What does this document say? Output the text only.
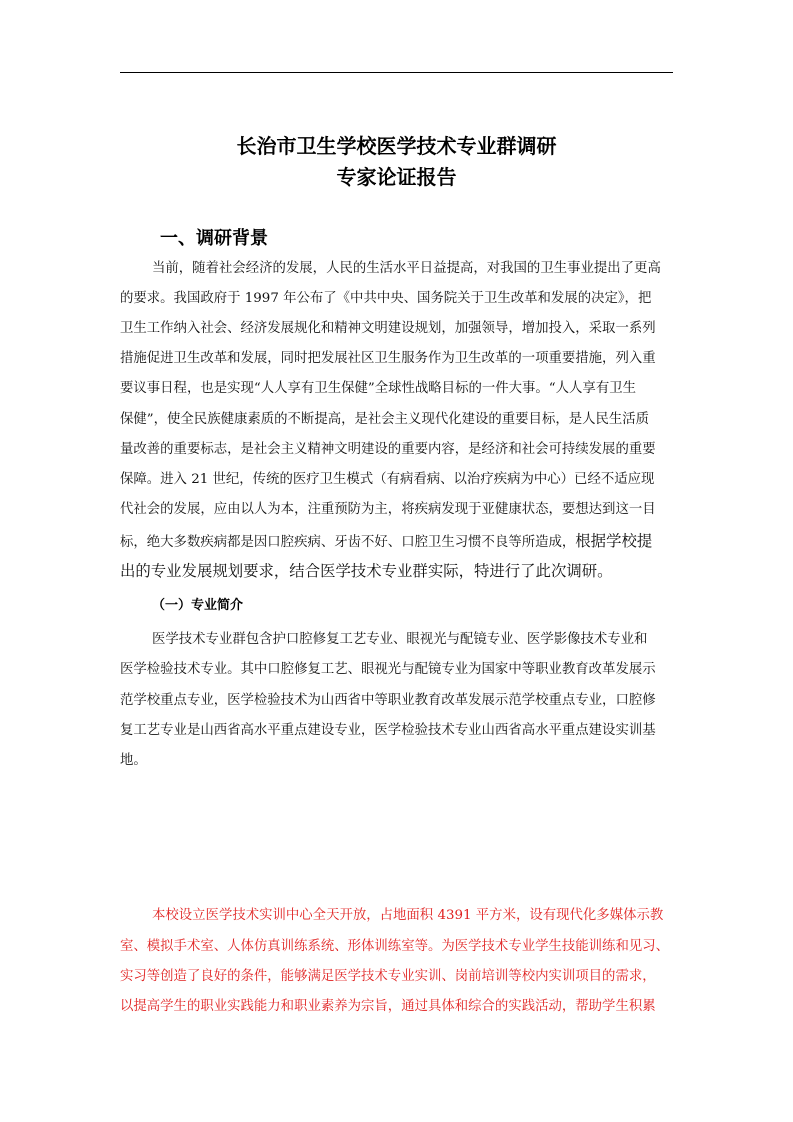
长治市卫生学校医学技术专业群调研
专家论证报告
一、调研背景
当前，随着社会经济的发展，人民的生活水平日益提高，对我国的卫生事业提出了更高
的要求。我国政府于 1997 年公布了《中共中央、国务院关于卫生改革和发展的决定》，把
卫生工作纳入社会、经济发展规化和精神文明建设规划，加强领导，增加投入，采取一系列
措施促进卫生改革和发展，同时把发展社区卫生服务作为卫生改革的一项重要措施，列入重
要议事日程，也是实现“人人享有卫生保健”全球性战略目标的一件大事。“人人享有卫生
保健”，使全民族健康素质的不断提高，是社会主义现代化建设的重要目标，是人民生活质
量改善的重要标志，是社会主义精神文明建设的重要内容，是经济和社会可持续发展的重要
保障。进入 21 世纪，传统的医疗卫生模式（有病看病、以治疗疾病为中心）已经不适应现
代社会的发展，应由以人为本，注重预防为主，将疾病发现于亚健康状态，要想达到这一目
标，绝大多数疾病都是因口腔疾病、牙齿不好、口腔卫生习惯不良等所造成，根据学校提
出的专业发展规划要求，结合医学技术专业群实际，特进行了此次调研。
（一）专业简介
医学技术专业群包含护口腔修复工艺专业、眼视光与配镜专业、医学影像技术专业和
医学检验技术专业。其中口腔修复工艺、眼视光与配镜专业为国家中等职业教育改革发展示
范学校重点专业，医学检验技术为山西省中等职业教育改革发展示范学校重点专业，口腔修
复工艺专业是山西省高水平重点建设专业，医学检验技术专业山西省高水平重点建设实训基
地。
本校设立医学技术实训中心全天开放，占地面积 4391 平方米，设有现代化多媒体示教
室、模拟手术室、人体仿真训练系统、形体训练室等。为医学技术专业学生技能训练和见习、
实习等创造了良好的条件，能够满足医学技术专业实训、岗前培训等校内实训项目的需求，
以提高学生的职业实践能力和职业素养为宗旨，通过具体和综合的实践活动，帮助学生积累
